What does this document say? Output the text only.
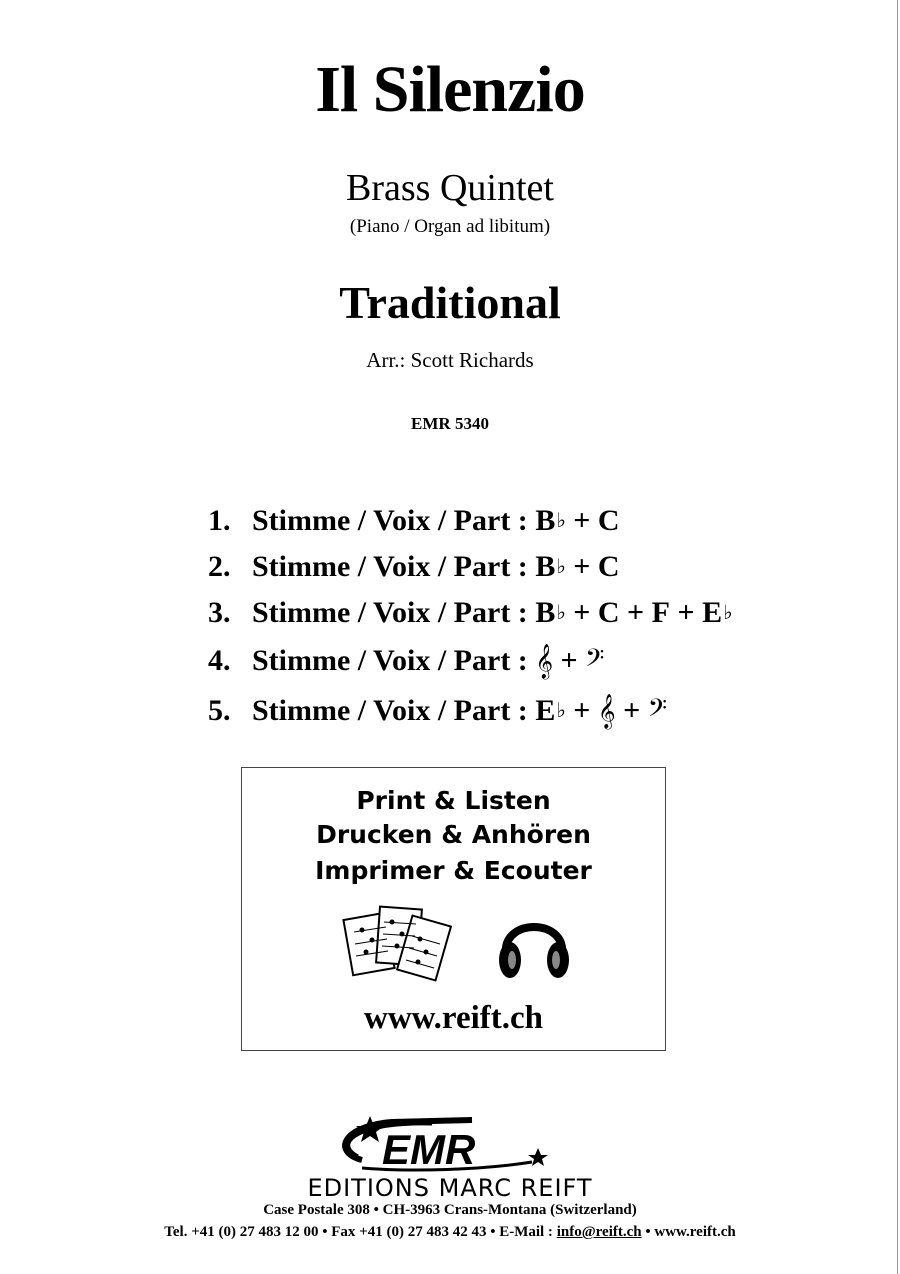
Il Silenzio
Brass Quintet
(Piano / Organ ad libitum)
Traditional
Arr.: Scott Richards
EMR 5340
1. Stimme / Voix / Part :
B ♭
+
C
2. Stimme / Voix / Part :
B ♭
+
C
3. Stimme / Voix / Part :
B ♭
+
C
+
F
+
E ♭
4. Stimme / Voix / Part :
𝄞
+
𝄢
5. Stimme / Voix / Part :
E ♭
+
𝄞
+
𝄢
Print & Listen
Drucken & Anhören
Imprimer & Ecouter
www.reift.ch
EMR
EDITIONS MARC REIFT
Case Postale 308 • CH-3963 Crans-Montana (Switzerland)
Tel. +41 (0) 27 483 12 00 • Fax +41 (0) 27 483 42 43 • E-Mail : info@reift.ch • www.reift.ch
